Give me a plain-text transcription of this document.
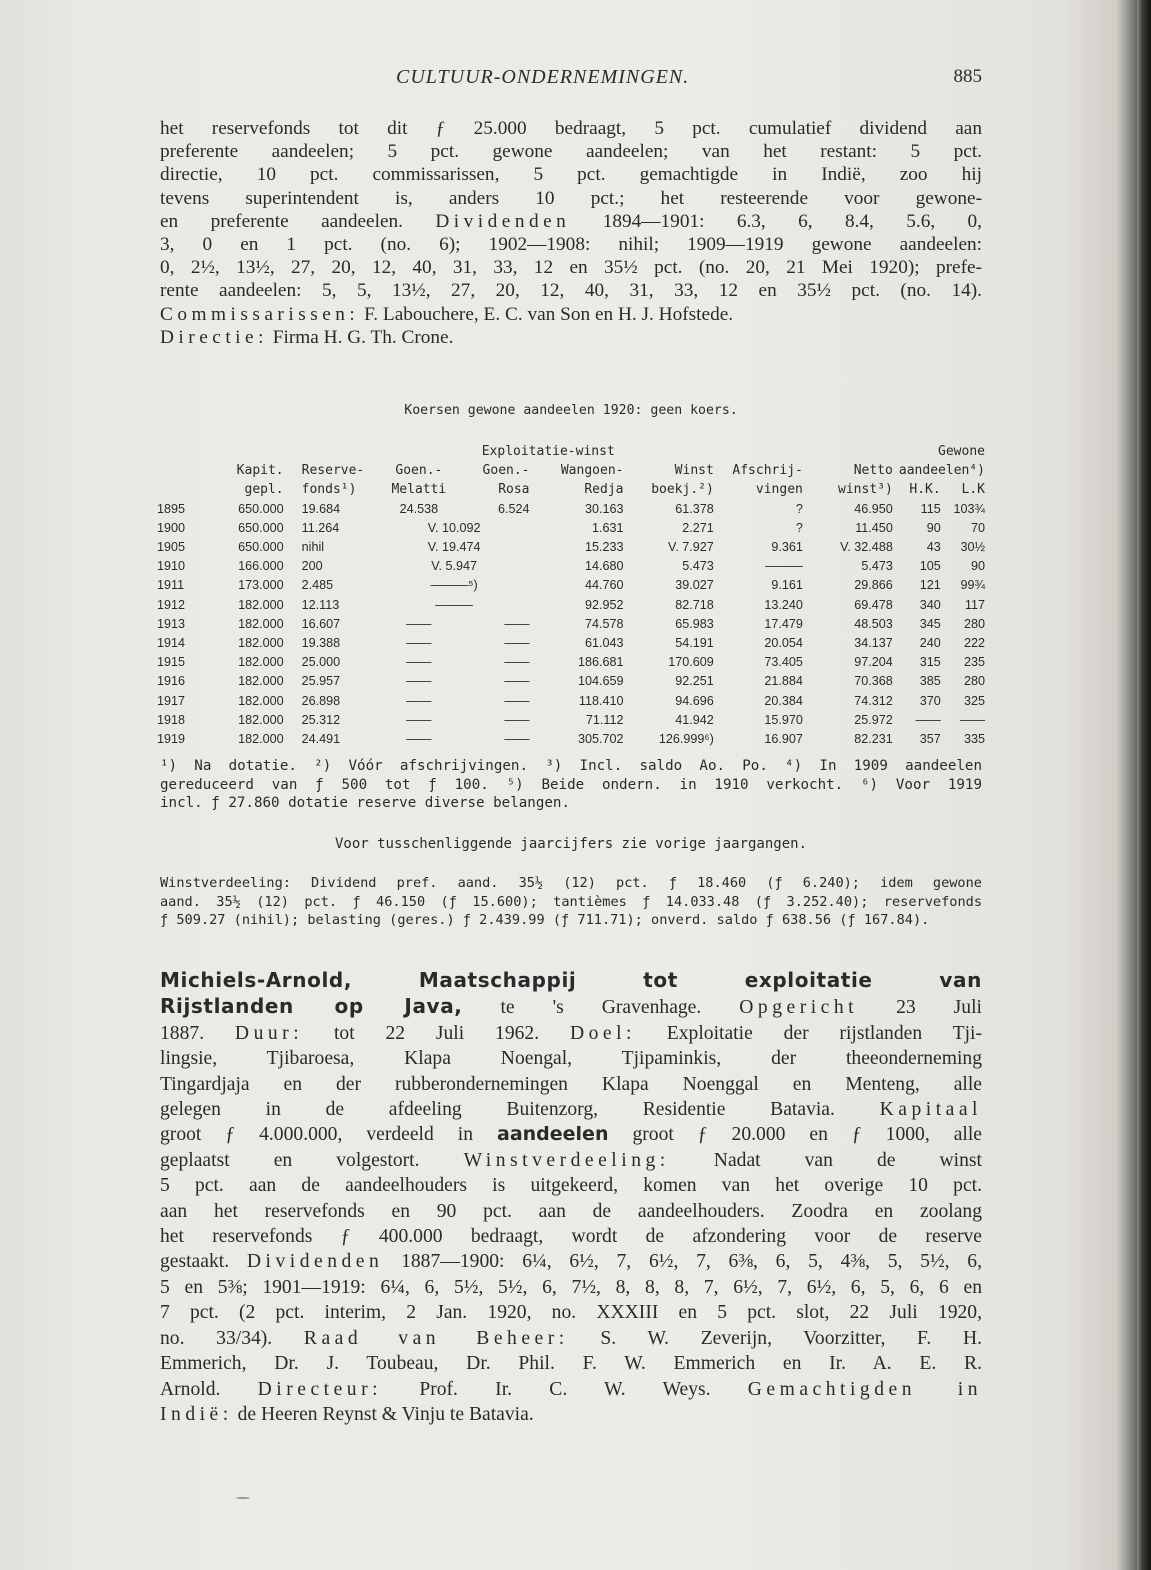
CULTUUR-ONDERNEMINGEN.	885
het reservefonds tot dit ƒ 25.000 bedraagt, 5 pct. cumulatief dividend aan
preferente aandeelen; 5 pct. gewone aandeelen; van het restant: 5 pct.
directie, 10 pct. commissarissen, 5 pct. gemachtigde in Indië, zoo hij
tevens superintendent is, anders 10 pct.; het resteerende voor gewone-
en preferente aandeelen. Dividenden 1894—1901: 6.3, 6, 8.4, 5.6, 0,
3, 0 en 1 pct. (no. 6); 1902—1908: nihil; 1909—1919 gewone aandeelen:
0, 2½, 13½, 27, 20, 12, 40, 31, 33, 12 en 35½ pct. (no. 20, 21 Mei 1920); prefe-
rente aandeelen: 5, 5, 13½, 27, 20, 12, 40, 31, 33, 12 en 35½ pct. (no. 14).
Commissarissen: F. Labouchere, E. C. van Son en H. J. Hofstede.
Directie: Firma H. G. Th. Crone.
Koersen gewone aandeelen 1920: geen koers.
			Exploitatie-winst						Gewone	
	Kapit.	Reserve-	Goen.-	Goen.-	Wangoen-	Winst	Afschrij-	Netto	aandeelen⁴)	
	gepl.	fonds¹)	Melatti	Rosa	Redja	boekj.²)	vingen	winst³)	H.K.	L.K
1895	650.000	19.684	24.538	6.524	30.163	61.378	?	46.950	115	103¾
1900	650.000	11.264	V. 10.092		1.631	2.271	?	11.450	90	70
1905	650.000	nihil	V. 19.474		15.233	V. 7.927	9.361	V. 32.488	43	30½
1910	166.000	200	V. 5.947		14.680	5.473	———	5.473	105	90
1911	173.000	2.485	———⁵)		44.760	39.027	9.161	29.866	121	99¾
1912	182.000	12.113	———		92.952	82.718	13.240	69.478	340	117
1913	182.000	16.607	——	——	74.578	65.983	17.479	48.503	345	280
1914	182.000	19.388	——	——	61.043	54.191	20.054	34.137	240	222
1915	182.000	25.000	——	——	186.681	170.609	73.405	97.204	315	235
1916	182.000	25.957	——	——	104.659	92.251	21.884	70.368	385	280
1917	182.000	26.898	——	——	118.410	94.696	20.384	74.312	370	325
1918	182.000	25.312	——	——	71.112	41.942	15.970	25.972	——	——
1919	182.000	24.491	——	——	305.702	126.999⁶)	16.907	82.231	357	335
¹) Na dotatie. ²) Vóór afschrijvingen. ³) Incl. saldo Ao. Po. ⁴) In 1909 aandeelen
gereduceerd van ƒ 500 tot ƒ 100. ⁵) Beide ondern. in 1910 verkocht. ⁶) Voor 1919
incl. ƒ 27.860 dotatie reserve diverse belangen.
Voor tusschenliggende jaarcijfers zie vorige jaargangen.
Winstverdeeling: Dividend pref. aand. 35½ (12) pct. ƒ 18.460 (ƒ 6.240); idem gewone
aand. 35½ (12) pct. ƒ 46.150 (ƒ 15.600); tantièmes ƒ 14.033.48 (ƒ 3.252.40); reservefonds
ƒ 509.27 (nihil); belasting (geres.) ƒ 2.439.99 (ƒ 711.71); onverd. saldo ƒ 638.56 (ƒ 167.84).
Michiels-Arnold, Maatschappij tot exploitatie van
Rijstlanden op Java, te 's Gravenhage. Opgericht 23 Juli
1887. Duur: tot 22 Juli 1962. Doel: Exploitatie der rijstlanden Tji-
lingsie, Tjibaroesa, Klapa Noengal, Tjipaminkis, der theeonderneming
Tingardjaja en der rubberondernemingen Klapa Noenggal en Menteng, alle
gelegen in de afdeeling Buitenzorg, Residentie Batavia. Kapitaal
groot ƒ 4.000.000, verdeeld in aandeelen groot ƒ 20.000 en ƒ 1000, alle
geplaatst en volgestort. Winstverdeeling: Nadat van de winst
5 pct. aan de aandeelhouders is uitgekeerd, komen van het overige 10 pct.
aan het reservefonds en 90 pct. aan de aandeelhouders. Zoodra en zoolang
het reservefonds ƒ 400.000 bedraagt, wordt de afzondering voor de reserve
gestaakt. Dividenden 1887—1900: 6¼, 6½, 7, 6½, 7, 6⅜, 6, 5, 4⅜, 5, 5½, 6,
5 en 5⅜; 1901—1919: 6¼, 6, 5½, 5½, 6, 7½, 8, 8, 8, 7, 6½, 7, 6½, 6, 5, 6, 6 en
7 pct. (2 pct. interim, 2 Jan. 1920, no. XXXIII en 5 pct. slot, 22 Juli 1920,
no. 33/34). Raad van Beheer: S. W. Zeverijn, Voorzitter, F. H.
Emmerich, Dr. J. Toubeau, Dr. Phil. F. W. Emmerich en Ir. A. E. R.
Arnold. Directeur: Prof. Ir. C. W. Weys. Gemachtigden in
Indië: de Heeren Reynst & Vinju te Batavia.
